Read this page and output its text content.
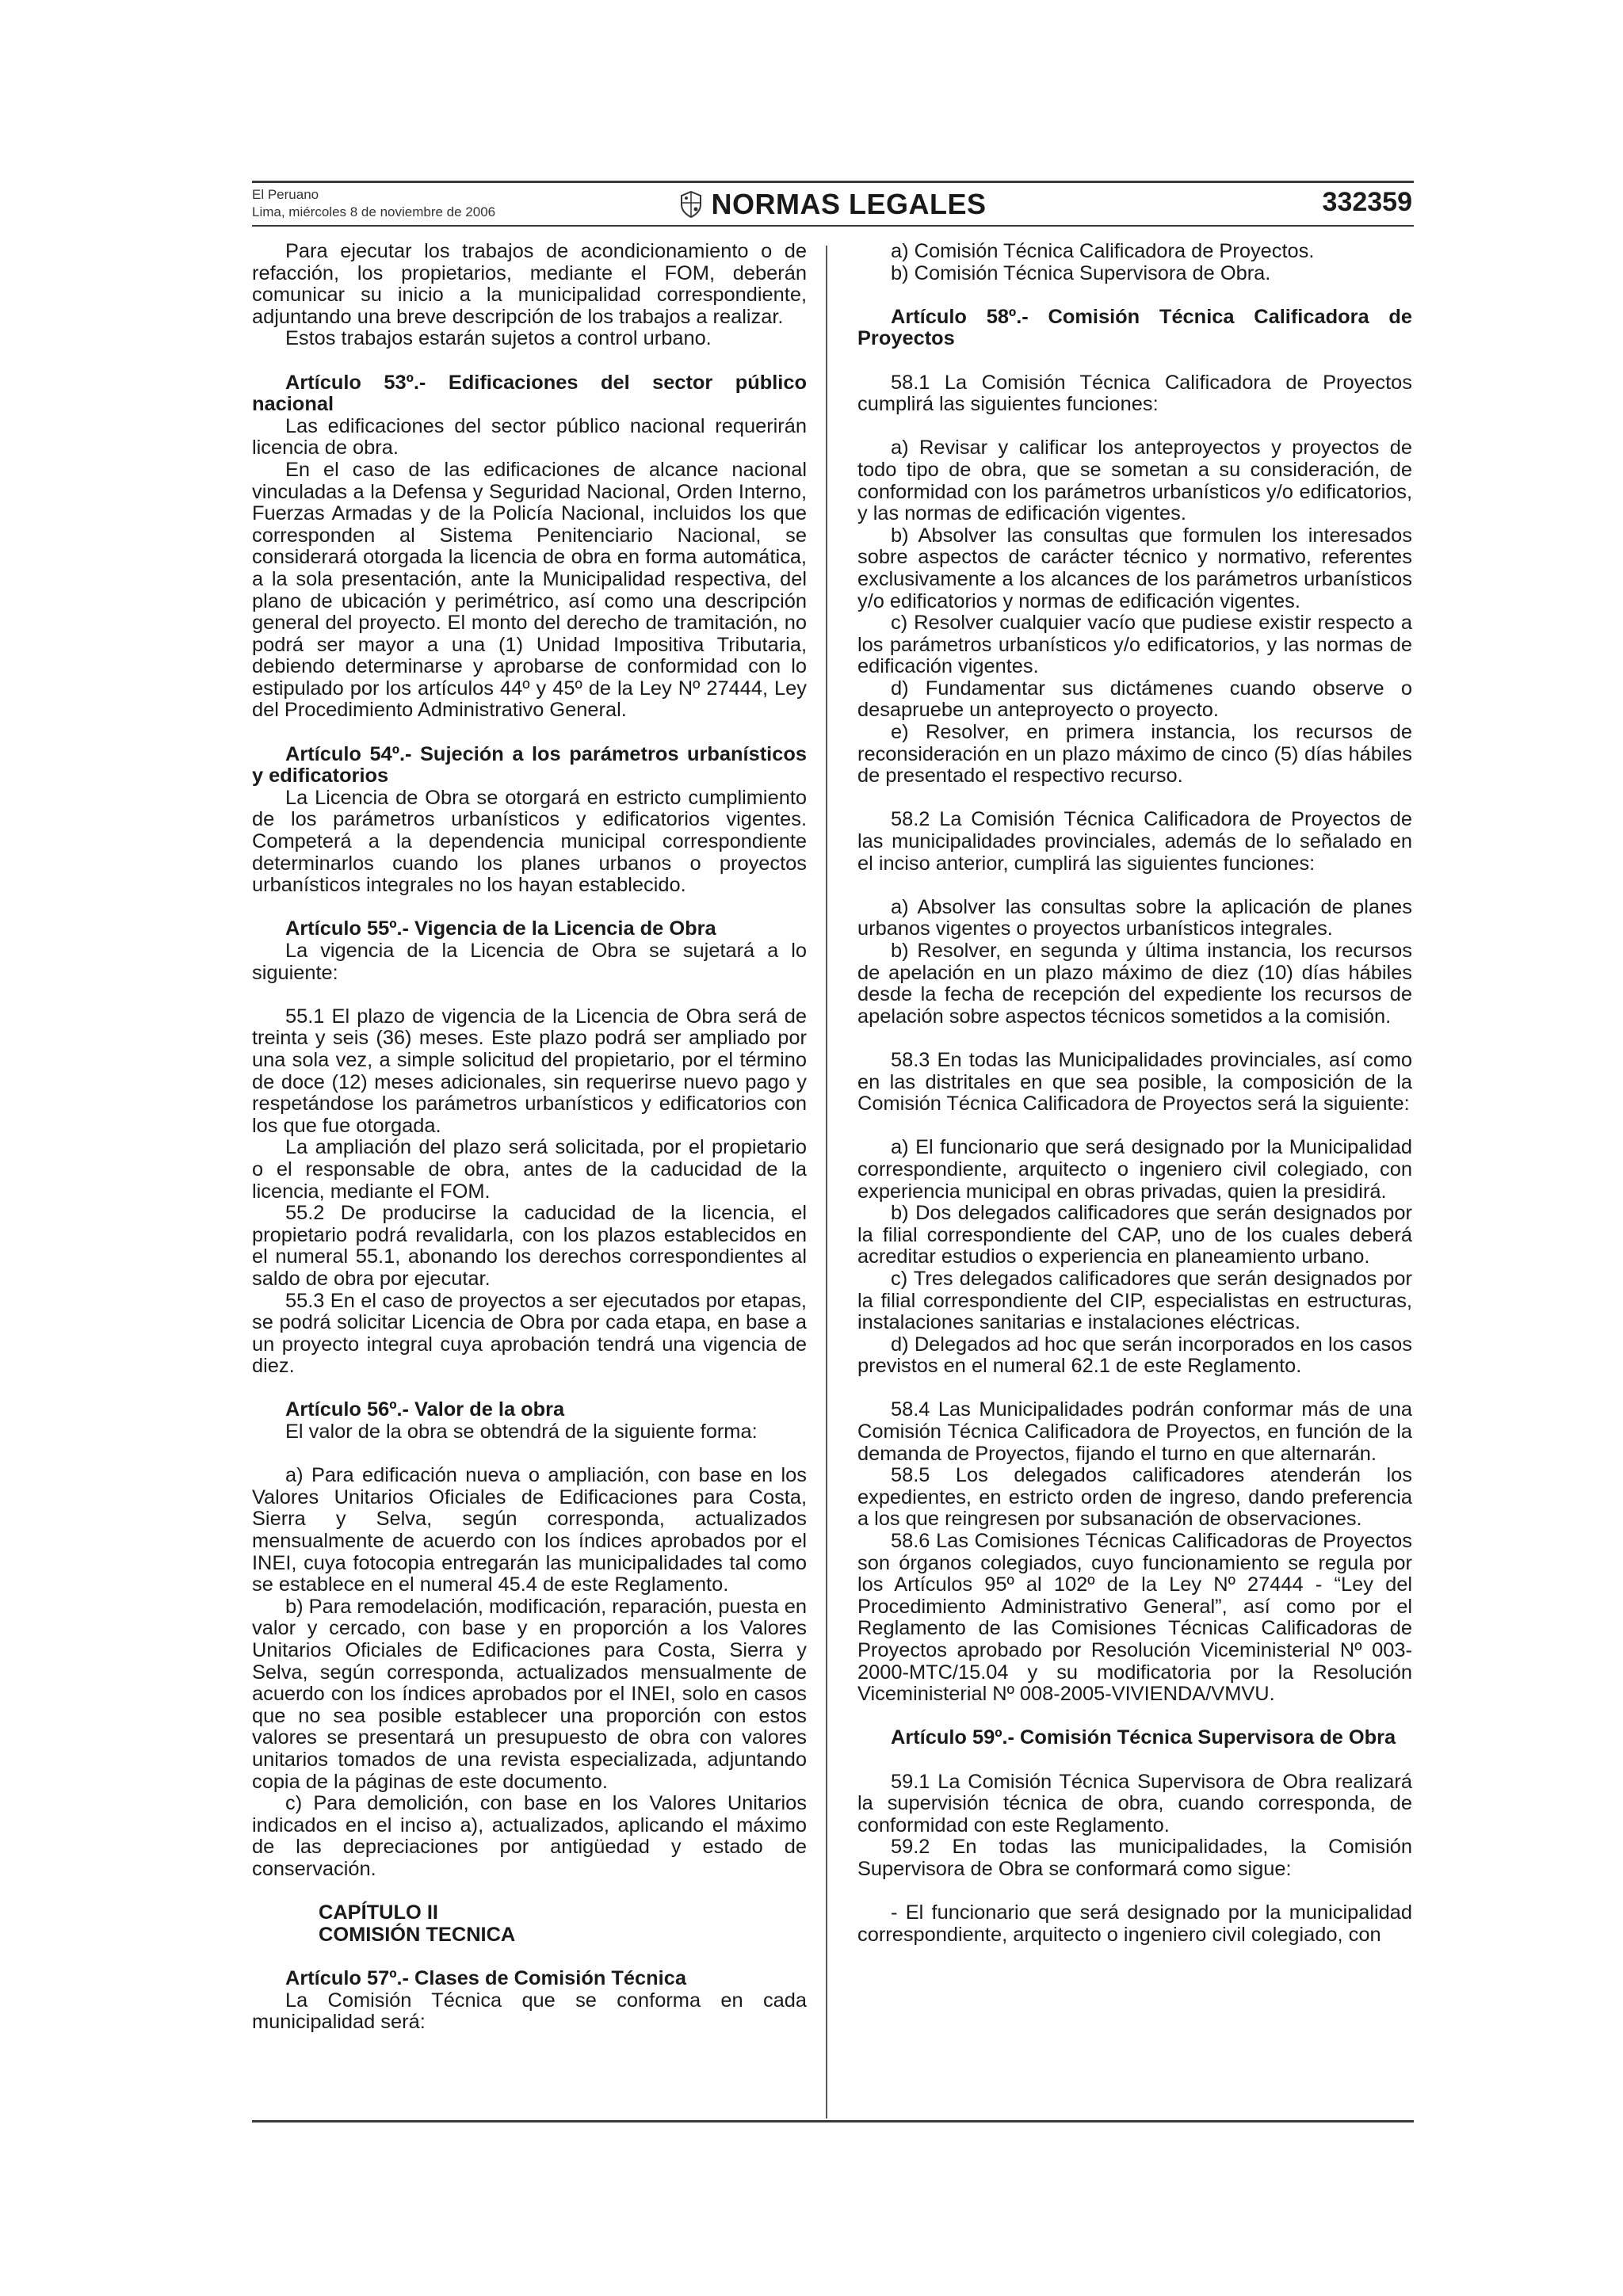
El Peruano
Lima, miércoles 8 de noviembre de 2006	NORMAS LEGALES	332359

Para ejecutar los trabajos de acondicionamiento o de refacción, los propietarios, mediante el FOM, deberán comunicar su inicio a la municipalidad correspondiente, adjuntando una breve descripción de los trabajos a realizar.

Estos trabajos estarán sujetos a control urbano.

Artículo 53º.- Edificaciones del sector público nacional

Las edificaciones del sector público nacional requerirán licencia de obra.

En el caso de las edificaciones de alcance nacional vinculadas a la Defensa y Seguridad Nacional, Orden Interno, Fuerzas Armadas y de la Policía Nacional, incluidos los que corresponden al Sistema Penitenciario Nacional, se considerará otorgada la licencia de obra en forma automática, a la sola presentación, ante la Municipalidad respectiva, del plano de ubicación y perimétrico, así como una descripción general del proyecto. El monto del derecho de tramitación, no podrá ser mayor a una (1) Unidad Impositiva Tributaria, debiendo determinarse y aprobarse de conformidad con lo estipulado por los artículos 44º y 45º de la Ley Nº 27444, Ley del Procedimiento Administrativo General.

Artículo 54º.- Sujeción a los parámetros urbanísticos y edificatorios

La Licencia de Obra se otorgará en estricto cumplimiento de los parámetros urbanísticos y edificatorios vigentes. Competerá a la dependencia municipal correspondiente determinarlos cuando los planes urbanos o proyectos urbanísticos integrales no los hayan establecido.

Artículo 55º.- Vigencia de la Licencia de Obra

La vigencia de la Licencia de Obra se sujetará a lo siguiente:

55.1 El plazo de vigencia de la Licencia de Obra será de treinta y seis (36) meses. Este plazo podrá ser ampliado por una sola vez, a simple solicitud del propietario, por el término de doce (12) meses adicionales, sin requerirse nuevo pago y respetándose los parámetros urbanísticos y edificatorios con los que fue otorgada.

La ampliación del plazo será solicitada, por el propietario o el responsable de obra, antes de la caducidad de la licencia, mediante el FOM.

55.2 De producirse la caducidad de la licencia, el propietario podrá revalidarla, con los plazos establecidos en el numeral 55.1, abonando los derechos correspondientes al saldo de obra por ejecutar.

55.3 En el caso de proyectos a ser ejecutados por etapas, se podrá solicitar Licencia de Obra por cada etapa, en base a un proyecto integral cuya aprobación tendrá una vigencia de diez.

Artículo 56º.- Valor de la obra

El valor de la obra se obtendrá de la siguiente forma:

a) Para edificación nueva o ampliación, con base en los Valores Unitarios Oficiales de Edificaciones para Costa, Sierra y Selva, según corresponda, actualizados mensualmente de acuerdo con los índices aprobados por el INEI, cuya fotocopia entregarán las municipalidades tal como se establece en el numeral 45.4 de este Reglamento.

b) Para remodelación, modificación, reparación, puesta en valor y cercado, con base y en proporción a los Valores Unitarios Oficiales de Edificaciones para Costa, Sierra y Selva, según corresponda, actualizados mensualmente de acuerdo con los índices aprobados por el INEI, solo en casos que no sea posible establecer una proporción con estos valores se presentará un presupuesto de obra con valores unitarios tomados de una revista especializada, adjuntando copia de la páginas de este documento.

c) Para demolición, con base en los Valores Unitarios indicados en el inciso a), actualizados, aplicando el máximo de las depreciaciones por antigüedad y estado de conservación.

CAPÍTULO II

COMISIÓN TECNICA

Artículo 57º.- Clases de Comisión Técnica

La Comisión Técnica que se conforma en cada municipalidad será:

a) Comisión Técnica Calificadora de Proyectos.

b) Comisión Técnica Supervisora de Obra.

Artículo 58º.- Comisión Técnica Calificadora de Proyectos

58.1 La Comisión Técnica Calificadora de Proyectos cumplirá las siguientes funciones:

a) Revisar y calificar los anteproyectos y proyectos de todo tipo de obra, que se sometan a su consideración, de conformidad con los parámetros urbanísticos y/o edificatorios, y las normas de edificación vigentes.

b) Absolver las consultas que formulen los interesados sobre aspectos de carácter técnico y normativo, referentes exclusivamente a los alcances de los parámetros urbanísticos y/o edificatorios y normas de edificación vigentes.

c) Resolver cualquier vacío que pudiese existir respecto a los parámetros urbanísticos y/o edificatorios, y las normas de edificación vigentes.

d) Fundamentar sus dictámenes cuando observe o desapruebe un anteproyecto o proyecto.

e) Resolver, en primera instancia, los recursos de reconsideración en un plazo máximo de cinco (5) días hábiles de presentado el respectivo recurso.

58.2 La Comisión Técnica Calificadora de Proyectos de las municipalidades provinciales, además de lo señalado en el inciso anterior, cumplirá las siguientes funciones:

a) Absolver las consultas sobre la aplicación de planes urbanos vigentes o proyectos urbanísticos integrales.

b) Resolver, en segunda y última instancia, los recursos de apelación en un plazo máximo de diez (10) días hábiles desde la fecha de recepción del expediente los recursos de apelación sobre aspectos técnicos sometidos a la comisión.

58.3 En todas las Municipalidades provinciales, así como en las distritales en que sea posible, la composición de la Comisión Técnica Calificadora de Proyectos será la siguiente:

a) El funcionario que será designado por la Municipalidad correspondiente, arquitecto o ingeniero civil colegiado, con experiencia municipal en obras privadas, quien la presidirá.

b) Dos delegados calificadores que serán designados por la filial correspondiente del CAP, uno de los cuales deberá acreditar estudios o experiencia en planeamiento urbano.

c) Tres delegados calificadores que serán designados por la filial correspondiente del CIP, especialistas en estructuras, instalaciones sanitarias e instalaciones eléctricas.

d) Delegados ad hoc que serán incorporados en los casos previstos en el numeral 62.1 de este Reglamento.

58.4 Las Municipalidades podrán conformar más de una Comisión Técnica Calificadora de Proyectos, en función de la demanda de Proyectos, fijando el turno en que alternarán.

58.5 Los delegados calificadores atenderán los expedientes, en estricto orden de ingreso, dando preferencia a los que reingresen por subsanación de observaciones.

58.6 Las Comisiones Técnicas Calificadoras de Proyectos son órganos colegiados, cuyo funcionamiento se regula por los Artículos 95º al 102º de la Ley Nº 27444 - “Ley del Procedimiento Administrativo General”, así como por el Reglamento de las Comisiones Técnicas Calificadoras de Proyectos aprobado por Resolución Viceministerial Nº 003-2000-MTC/15.04 y su modificatoria por la Resolución Viceministerial Nº 008-2005-VIVIENDA/VMVU.

Artículo 59º.- Comisión Técnica Supervisora de Obra

59.1 La Comisión Técnica Supervisora de Obra realizará la supervisión técnica de obra, cuando corresponda, de conformidad con este Reglamento.

59.2 En todas las municipalidades, la Comisión Supervisora de Obra se conformará como sigue:

- El funcionario que será designado por la municipalidad correspondiente, arquitecto o ingeniero civil colegiado, con
